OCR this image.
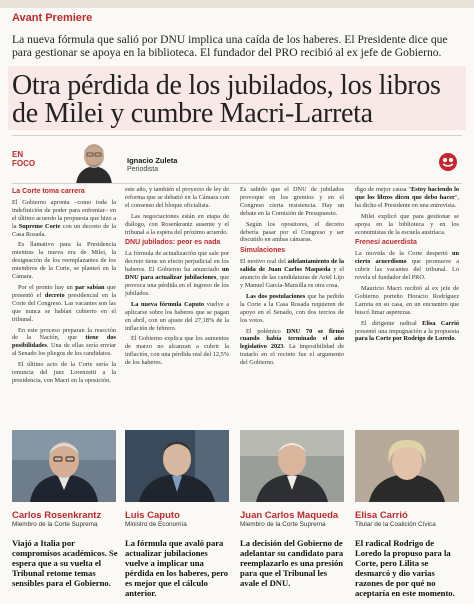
Avant Premiere
La nueva fórmula que salió por DNU implica una caída de los haberes. El Presidente dice que para gestionar se apoya en la biblioteca. El fundador del PRO recibió al ex jefe de Gobierno.
Otra pérdida de los jubilados, los libros de Milei y cumbre Macri-Larreta
EN
FOCO	Ignacio Zuleta
Periodista
La Corte toma carrera

El Gobierno apronta –como toda la indefinición de poder para enfrentar– en el último acuerdo la propuesta que hizo a la Supreme Corte con un decreto de la Casa Rosada.

Es llamativo para la Presidencia mientras la nueva era de Milei, la designación de los reemplazantes de los miembros de la Corte, se planteó en la Cámara.

Por el pronto hay un par sabían que presentó el decreto presidencial en la Corte del Congreso. Las vacantes son las que nunca se habían cubierto en el tribunal.

En este proceso preparan la reacción de la Nación, que tiene dos posibilidades. Una de ellas sería enviar al Senado los pliegos de los candidatos.

El último acto de la Corte sería la renuncia del juez Lorenzetti a la presidencia, con Macri en la oposición.

este año, y también el proyecto de ley de reforma que se debatió en la Cámara con el consenso del bloque oficialista.

Las negociaciones están en etapa de diálogo, con Rosenkrantz ausente y el tribunal a la espera del próximo acuerdo.

DNU jubilados: peor es nada

La fórmula de actualización que sale por decreto tiene un efecto perjudicial en los haberes. El Gobierno ha anunciado un DNU para actualizar jubilaciones, que provoca una pérdida en el ingreso de los jubilados.

La nueva fórmula Caputo vuelve a aplicarse sobre los haberes que se pagan en abril, con un ajuste del 27,18% de la inflación de febrero.

El Gobierno explica que los aumentos de marzo no alcanzan a cubrir la inflación, con una pérdida real del 12,5% de los haberes.

Es sabido que el DNU de jubilados provoque en los gremios y en el Congreso cierta resistencia. Hay un debate en la Comisión de Presupuesto.

Según los opositores, el decreto debería pasar por el Congreso y ser discutido en ambas cámaras.

Simulaciones

El motivo real del adelantamiento de la salida de Juan Carlos Maqueda y el anuncio de las candidaturas de Ariel Lijo y Manuel García-Mansilla es otra cosa.

Las dos postulaciones que ha pedido la Corte a la Casa Rosada requieren de apoyo en el Senado, con dos tercios de los votos.

El polémico DNU 70 se firmó cuando había terminado el año legislativo 2023. La imposibilidad de tratarlo en el recinto fue el argumento del Gobierno.

digo de mejor causa "Estoy haciendo lo que los libros dicen que debo hacer", ha dicho el Presidente en una entrevista.

Milei explicó que para gestionar se apoya en la biblioteca y en los economistas de la escuela austríaca.

Frenesí acuerdista

La movida de la Corte despertó un cierto acuerdismo que promueve a cubrir las vacantes del tribunal. Lo revela el fundador del PRO.

Mauricio Macri recibió al ex jefe de Gobierno porteño Horacio Rodríguez Larreta en su casa, en un encuentro que buscó limar asperezas.

El dirigente radical Elisa Carrió presentó una impugnación a la propuesta para la Corte por Rodrigo de Loredo.

Carlos Rosenkrantz
Miembro de la Corte Suprema
Viajó a Italia por compromisos académicos. Se espera que a su vuelta el Tribunal retome temas sensibles para el Gobierno.
Luis Caputo
Ministro de Economía
La fórmula que avaló para actualizar jubilaciones vuelve a implicar una pérdida en los haberes, pero es mejor que el cálculo anterior.
Juan Carlos Maqueda
Miembro de la Corte Suprema
La decisión del Gobierno de adelantar su candidato para reemplazarlo es una presión para que el Tribunal les avale el DNU.
Elisa Carrió
Titular de la Coalición Cívica
El radical Rodrigo de Loredo la propuso para la Corte, pero Lilita se desmarcó y dio varias razones de por qué no aceptaría en este momento.
